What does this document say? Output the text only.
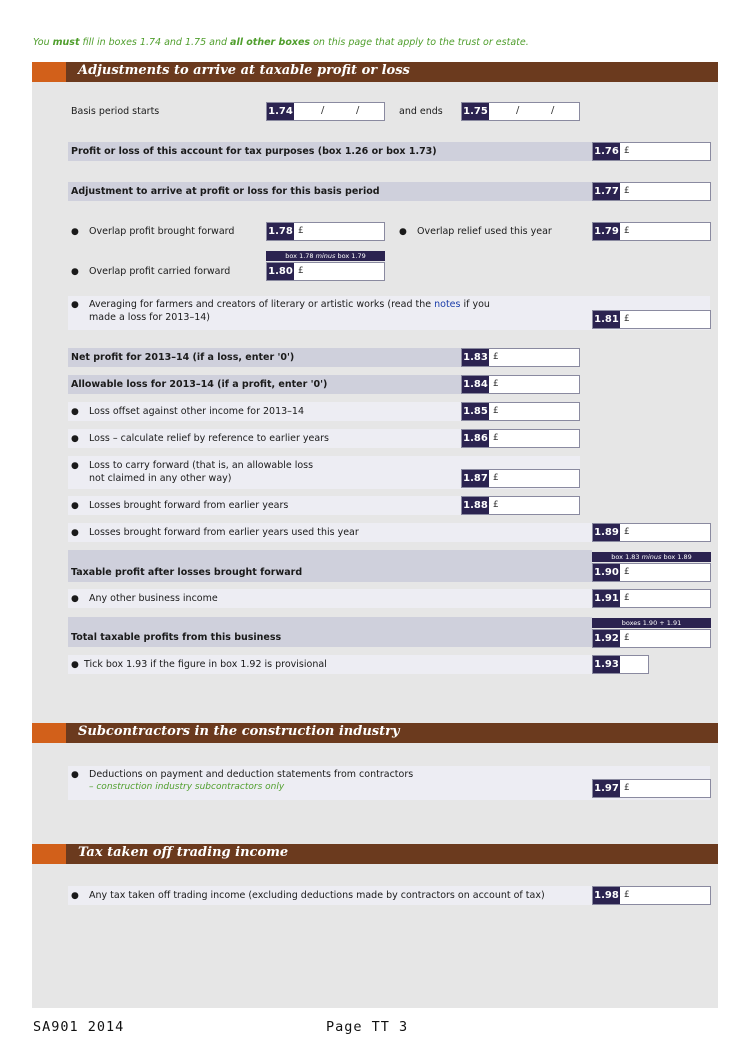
You must fill in boxes 1.74 and 1.75 and all other boxes on this page that apply to the trust or estate.
Adjustments to arrive at taxable profit or loss
Basis period starts	1.74	/	/	and ends 1.75	/	/
Profit or loss of this account for tax purposes (box 1.26 or box 1.73)	1.76 £
Adjustment to arrive at profit or loss for this basis period	1.77 £
● Overlap profit brought forward	1.78 £	● Overlap relief used this year	1.79 £
box 1.78 minus box 1.79
● Overlap profit carried forward	1.80 £
● Averaging for farmers and creators of literary or artistic works (read the notes if you
made a loss for 2013–14)	1.81 £
Net profit for 2013–14 (if a loss, enter '0')	1.83 £
Allowable loss for 2013–14 (if a profit, enter '0')	1.84 £
● Loss offset against other income for 2013–14	1.85 £
● Loss – calculate relief by reference to earlier years	1.86 £
● Loss to carry forward (that is, an allowable loss
not claimed in any other way)	1.87 £
● Losses brought forward from earlier years	1.88 £
● Losses brought forward from earlier years used this year	1.89 £
box 1.83 minus box 1.89
Taxable profit after losses brought forward	1.90 £
● Any other business income	1.91 £
boxes 1.90 + 1.91
Total taxable profits from this business	1.92 £
● Tick box 1.93 if the figure in box 1.92 is provisional	1.93
Subcontractors in the construction industry
● Deductions on payment and deduction statements from contractors
– construction industry subcontractors only	1.97 £
Tax taken off trading income
● Any tax taken off trading income (excluding deductions made by contractors on account of tax)	1.98 £
SA901 2014	Page TT 3
